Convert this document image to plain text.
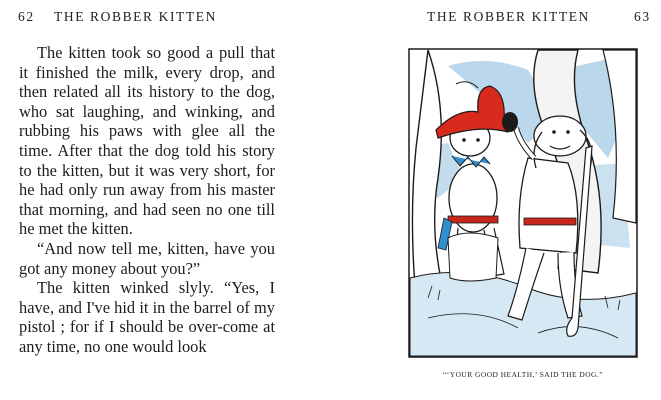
62 THE ROBBER KITTEN

The kitten took so good a pull that it finished the milk, every drop, and then related all its history to the dog, who sat laughing, and winking, and rubbing his paws with glee all the time. After that the dog told his story to the kitten, but it was very short, for he had only run away from his master that morning, and had seen no one till he met the kitten.

“And now tell me, kitten, have you got any money about you?”

The kitten winked slyly. “Yes, I have, and I've hid it in the barrel of my pistol ; for if I should be over-come at any time, no one would look

THE ROBBER KITTEN	63
“‘YOUR GOOD HEALTH,’ SAID THE DOG.”
